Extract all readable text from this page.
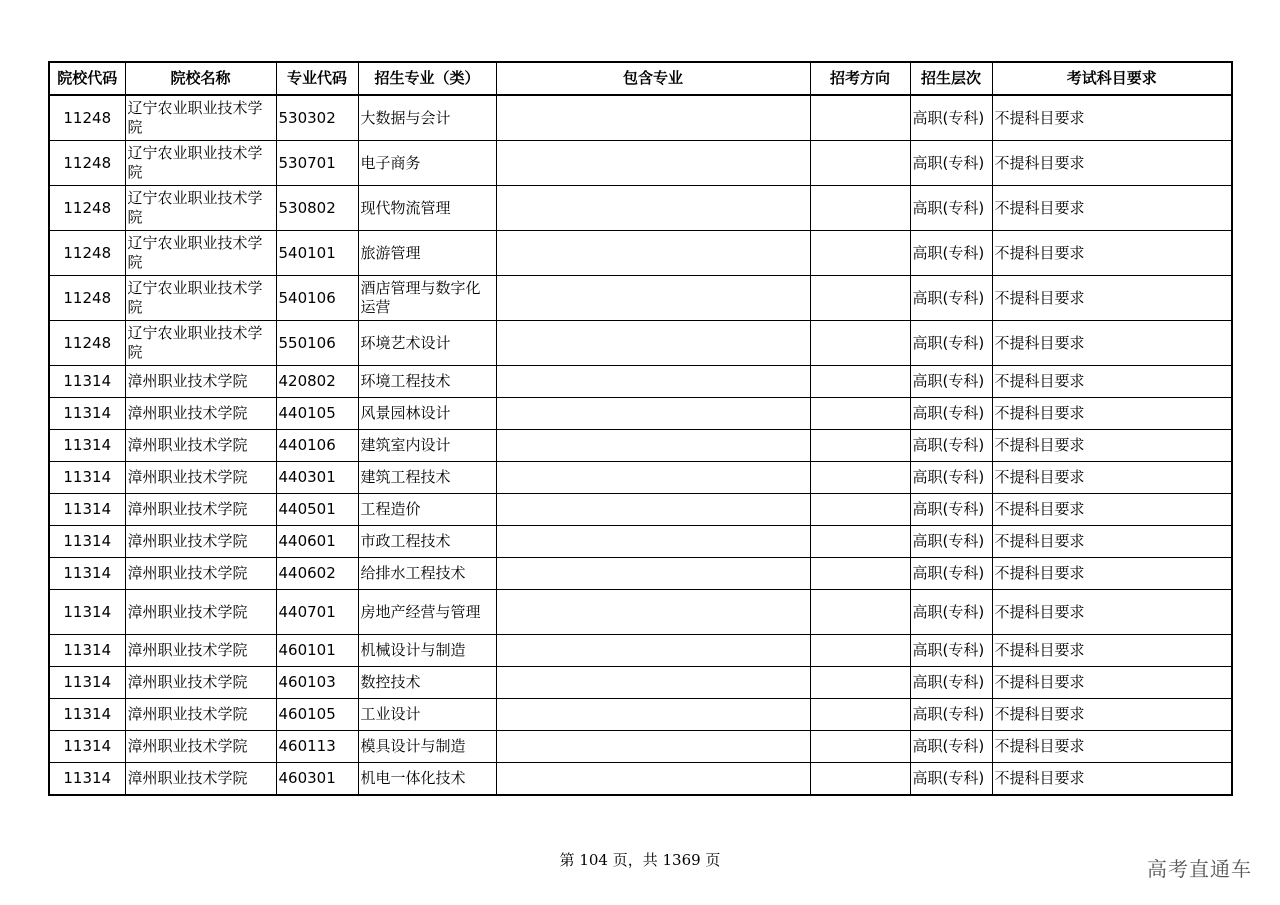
院校代码	院校名称	专业代码	招生专业（类）	包含专业	招考方向	招生层次	考试科目要求
11248	辽宁农业职业技术学院	530302	大数据与会计			高职(专科)	不提科目要求
11248	辽宁农业职业技术学院	530701	电子商务			高职(专科)	不提科目要求
11248	辽宁农业职业技术学院	530802	现代物流管理			高职(专科)	不提科目要求
11248	辽宁农业职业技术学院	540101	旅游管理			高职(专科)	不提科目要求
11248	辽宁农业职业技术学院	540106	酒店管理与数字化运营			高职(专科)	不提科目要求
11248	辽宁农业职业技术学院	550106	环境艺术设计			高职(专科)	不提科目要求
11314	漳州职业技术学院	420802	环境工程技术			高职(专科)	不提科目要求
11314	漳州职业技术学院	440105	风景园林设计			高职(专科)	不提科目要求
11314	漳州职业技术学院	440106	建筑室内设计			高职(专科)	不提科目要求
11314	漳州职业技术学院	440301	建筑工程技术			高职(专科)	不提科目要求
11314	漳州职业技术学院	440501	工程造价			高职(专科)	不提科目要求
11314	漳州职业技术学院	440601	市政工程技术			高职(专科)	不提科目要求
11314	漳州职业技术学院	440602	给排水工程技术			高职(专科)	不提科目要求
11314	漳州职业技术学院	440701	房地产经营与管理			高职(专科)	不提科目要求
11314	漳州职业技术学院	460101	机械设计与制造			高职(专科)	不提科目要求
11314	漳州职业技术学院	460103	数控技术			高职(专科)	不提科目要求
11314	漳州职业技术学院	460105	工业设计			高职(专科)	不提科目要求
11314	漳州职业技术学院	460113	模具设计与制造			高职(专科)	不提科目要求
11314	漳州职业技术学院	460301	机电一体化技术			高职(专科)	不提科目要求
第 104 页，共 1369 页	高考直通车
